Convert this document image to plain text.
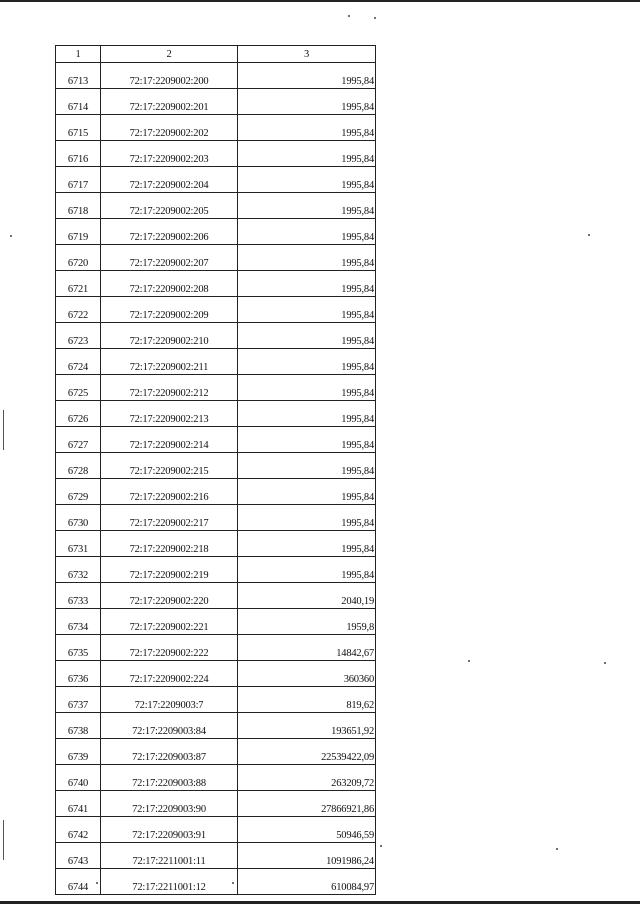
1	2	3
6713	72:17:2209002:200	1995,84
6714	72:17:2209002:201	1995,84
6715	72:17:2209002:202	1995,84
6716	72:17:2209002:203	1995,84
6717	72:17:2209002:204	1995,84
6718	72:17:2209002:205	1995,84
6719	72:17:2209002:206	1995,84
6720	72:17:2209002:207	1995,84
6721	72:17:2209002:208	1995,84
6722	72:17:2209002:209	1995,84
6723	72:17:2209002:210	1995,84
6724	72:17:2209002:211	1995,84
6725	72:17:2209002:212	1995,84
6726	72:17:2209002:213	1995,84
6727	72:17:2209002:214	1995,84
6728	72:17:2209002:215	1995,84
6729	72:17:2209002:216	1995,84
6730	72:17:2209002:217	1995,84
6731	72:17:2209002:218	1995,84
6732	72:17:2209002:219	1995,84
6733	72:17:2209002:220	2040,19
6734	72:17:2209002:221	1959,8
6735	72:17:2209002:222	14842,67
6736	72:17:2209002:224	360360
6737	72:17:2209003:7	819,62
6738	72:17:2209003:84	193651,92
6739	72:17:2209003:87	22539422,09
6740	72:17:2209003:88	263209,72
6741	72:17:2209003:90	27866921,86
6742	72:17:2209003:91	50946,59
6743	72:17:2211001:11	1091986,24
6744	72:17:2211001:12	610084,97
